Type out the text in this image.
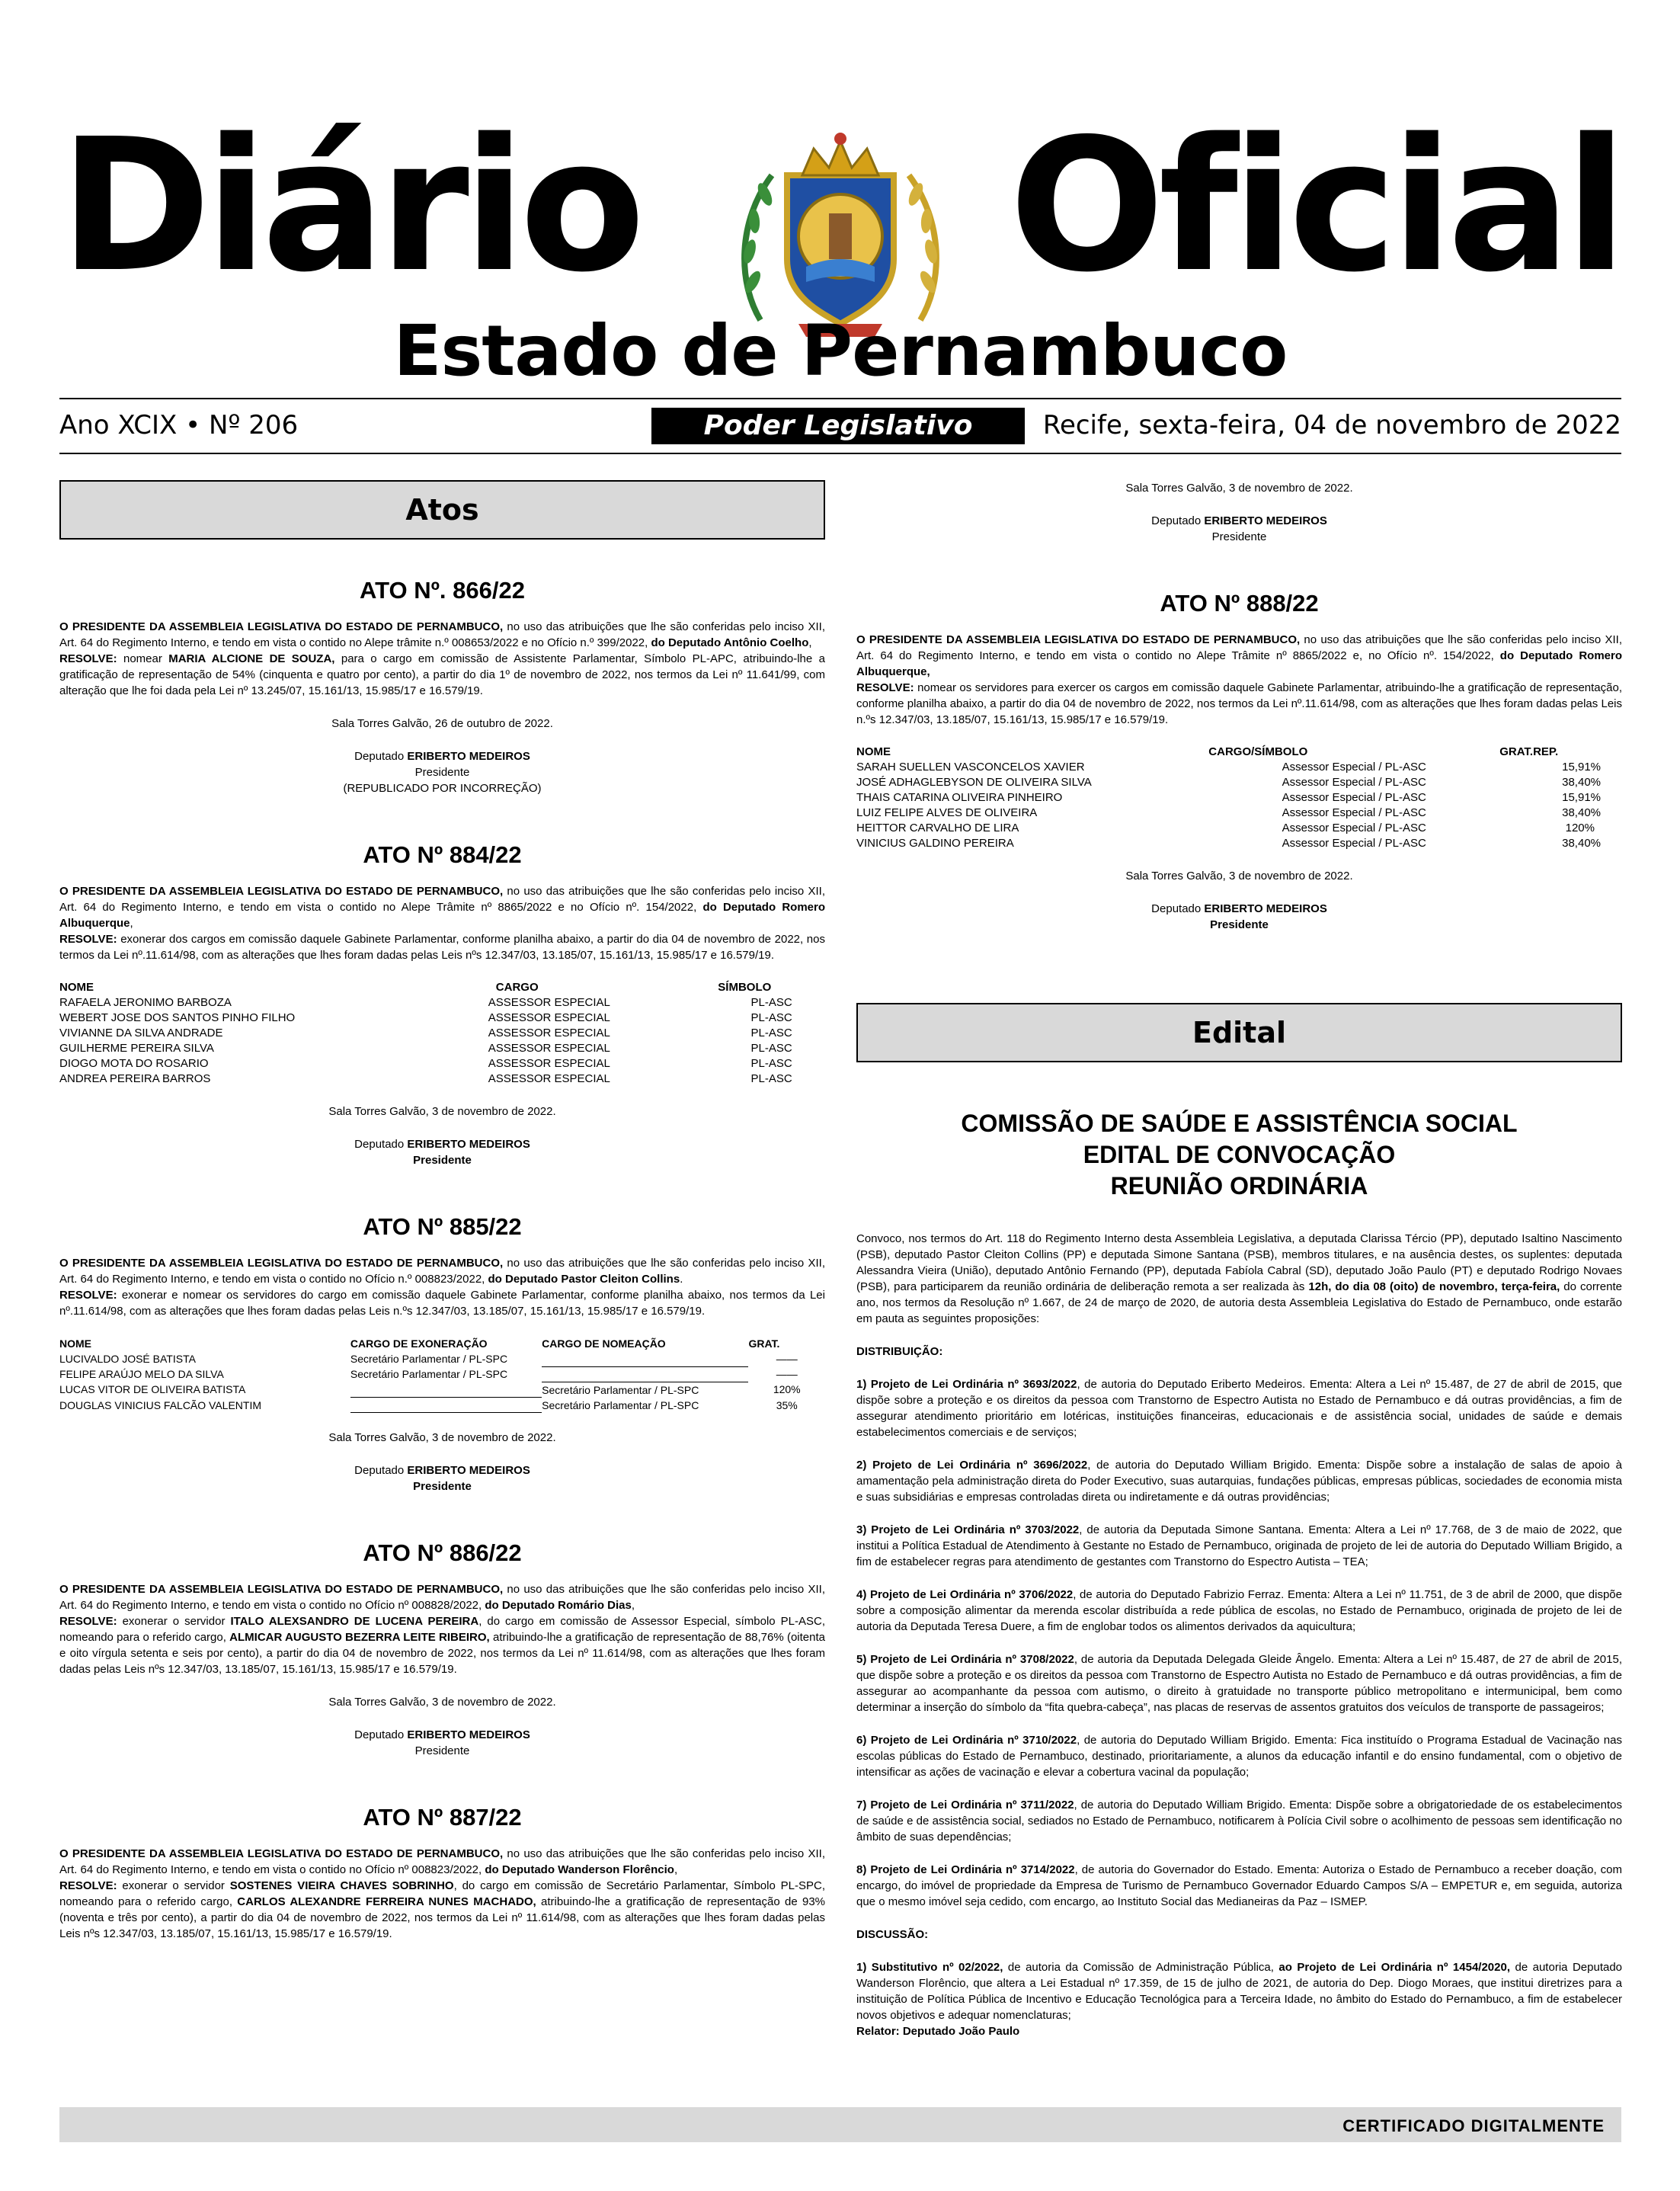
Diário Oficial
Estado de Pernambuco
Ano XCIX • Nº 206	Poder Legislativo	Recife, sexta-feira, 04 de novembro de 2022
Atos
ATO Nº. 866/22
O PRESIDENTE DA ASSEMBLEIA LEGISLATIVA DO ESTADO DE PERNAMBUCO, no uso das atribuições que lhe são conferidas pelo inciso XII, Art. 64 do Regimento Interno, e tendo em vista o contido no Alepe trâmite n.º 008653/2022 e no Ofício n.º 399/2022, do Deputado Antônio Coelho,
RESOLVE: nomear MARIA ALCIONE DE SOUZA, para o cargo em comissão de Assistente Parlamentar, Símbolo PL-APC, atribuindo-lhe a gratificação de representação de 54% (cinquenta e quatro por cento), a partir do dia 1º de novembro de 2022, nos termos da Lei nº 11.641/99, com alteração que lhe foi dada pela Lei nº 13.245/07, 15.161/13, 15.985/17 e 16.579/19.
Sala Torres Galvão, 26 de outubro de 2022.
Deputado ERIBERTO MEDEIROS
Presidente
(REPUBLICADO POR INCORREÇÃO)
ATO Nº 884/22
O PRESIDENTE DA ASSEMBLEIA LEGISLATIVA DO ESTADO DE PERNAMBUCO, no uso das atribuições que lhe são conferidas pelo inciso XII, Art. 64 do Regimento Interno, e tendo em vista o contido no Alepe Trâmite nº 8865/2022 e no Ofício nº. 154/2022, do Deputado Romero Albuquerque,
RESOLVE: exonerar dos cargos em comissão daquele Gabinete Parlamentar, conforme planilha abaixo, a partir do dia 04 de novembro de 2022, nos termos da Lei nº.11.614/98, com as alterações que lhes foram dadas pelas Leis nºs 12.347/03, 13.185/07, 15.161/13, 15.985/17 e 16.579/19.
NOME	CARGO	SÍMBOLO
RAFAELA JERONIMO BARBOZA	ASSESSOR ESPECIAL	PL-ASC
WEBERT JOSE DOS SANTOS PINHO FILHO	ASSESSOR ESPECIAL	PL-ASC
VIVIANNE DA SILVA ANDRADE	ASSESSOR ESPECIAL	PL-ASC
GUILHERME PEREIRA SILVA	ASSESSOR ESPECIAL	PL-ASC
DIOGO MOTA DO ROSARIO	ASSESSOR ESPECIAL	PL-ASC
ANDREA PEREIRA BARROS	ASSESSOR ESPECIAL	PL-ASC
Sala Torres Galvão, 3 de novembro de 2022.
Deputado ERIBERTO MEDEIROS
Presidente
ATO Nº 885/22
O PRESIDENTE DA ASSEMBLEIA LEGISLATIVA DO ESTADO DE PERNAMBUCO, no uso das atribuições que lhe são conferidas pelo inciso XII, Art. 64 do Regimento Interno, e tendo em vista o contido no Ofício n.º 008823/2022, do Deputado Pastor Cleiton Collins.
RESOLVE: exonerar e nomear os servidores do cargo em comissão daquele Gabinete Parlamentar, conforme planilha abaixo, nos termos da Lei nº.11.614/98, com as alterações que lhes foram dadas pelas Leis n.ºs 12.347/03, 13.185/07, 15.161/13, 15.985/17 e 16.579/19.
NOME	CARGO DE EXONERAÇÃO	CARGO DE NOMEAÇÃO	GRAT.
LUCIVALDO JOSÉ BATISTA	Secretário Parlamentar / PL-SPC		——
FELIPE ARAÚJO MELO DA SILVA	Secretário Parlamentar / PL-SPC		——
LUCAS VITOR DE OLIVEIRA BATISTA		Secretário Parlamentar / PL-SPC	120%
DOUGLAS VINICIUS FALCÃO VALENTIM		Secretário Parlamentar / PL-SPC	35%
Sala Torres Galvão, 3 de novembro de 2022.
Deputado ERIBERTO MEDEIROS
Presidente
ATO Nº 886/22
O PRESIDENTE DA ASSEMBLEIA LEGISLATIVA DO ESTADO DE PERNAMBUCO, no uso das atribuições que lhe são conferidas pelo inciso XII, Art. 64 do Regimento Interno, e tendo em vista o contido no Ofício nº 008828/2022, do Deputado Romário Dias,
RESOLVE: exonerar o servidor ITALO ALEXSANDRO DE LUCENA PEREIRA, do cargo em comissão de Assessor Especial, símbolo PL-ASC, nomeando para o referido cargo, ALMICAR AUGUSTO BEZERRA LEITE RIBEIRO, atribuindo-lhe a gratificação de representação de 88,76% (oitenta e oito vírgula setenta e seis por cento), a partir do dia 04 de novembro de 2022, nos termos da Lei nº 11.614/98, com as alterações que lhes foram dadas pelas Leis nºs 12.347/03, 13.185/07, 15.161/13, 15.985/17 e 16.579/19.
Sala Torres Galvão, 3 de novembro de 2022.
Deputado ERIBERTO MEDEIROS
Presidente
ATO Nº 887/22
O PRESIDENTE DA ASSEMBLEIA LEGISLATIVA DO ESTADO DE PERNAMBUCO, no uso das atribuições que lhe são conferidas pelo inciso XII, Art. 64 do Regimento Interno, e tendo em vista o contido no Ofício nº 008823/2022, do Deputado Wanderson Florêncio,
RESOLVE: exonerar o servidor SOSTENES VIEIRA CHAVES SOBRINHO, do cargo em comissão de Secretário Parlamentar, Símbolo PL-SPC, nomeando para o referido cargo, CARLOS ALEXANDRE FERREIRA NUNES MACHADO, atribuindo-lhe a gratificação de representação de 93% (noventa e três por cento), a partir do dia 04 de novembro de 2022, nos termos da Lei nº 11.614/98, com as alterações que lhes foram dadas pelas Leis nºs 12.347/03, 13.185/07, 15.161/13, 15.985/17 e 16.579/19.
Sala Torres Galvão, 3 de novembro de 2022.
Deputado ERIBERTO MEDEIROS
Presidente
ATO Nº 888/22
O PRESIDENTE DA ASSEMBLEIA LEGISLATIVA DO ESTADO DE PERNAMBUCO, no uso das atribuições que lhe são conferidas pelo inciso XII, Art. 64 do Regimento Interno, e tendo em vista o contido no Alepe Trâmite nº 8865/2022 e, no Ofício nº. 154/2022, do Deputado Romero Albuquerque,
RESOLVE: nomear os servidores para exercer os cargos em comissão daquele Gabinete Parlamentar, atribuindo-lhe a gratificação de representação, conforme planilha abaixo, a partir do dia 04 de novembro de 2022, nos termos da Lei nº.11.614/98, com as alterações que lhes foram dadas pelas Leis n.ºs 12.347/03, 13.185/07, 15.161/13, 15.985/17 e 16.579/19.
NOME	CARGO/SÍMBOLO	GRAT.REP.
SARAH SUELLEN VASCONCELOS XAVIER	Assessor Especial / PL-ASC	15,91%
JOSÉ ADHAGLEBYSON DE OLIVEIRA SILVA	Assessor Especial / PL-ASC	38,40%
THAIS CATARINA OLIVEIRA PINHEIRO	Assessor Especial / PL-ASC	15,91%
LUIZ FELIPE ALVES DE OLIVEIRA	Assessor Especial / PL-ASC	38,40%
HEITTOR CARVALHO DE LIRA	Assessor Especial / PL-ASC	120%
VINICIUS GALDINO PEREIRA	Assessor Especial / PL-ASC	38,40%
Sala Torres Galvão, 3 de novembro de 2022.
Deputado ERIBERTO MEDEIROS
Presidente
Edital
COMISSÃO DE SAÚDE E ASSISTÊNCIA SOCIAL
EDITAL DE CONVOCAÇÃO
REUNIÃO ORDINÁRIA
Convoco, nos termos do Art. 118 do Regimento Interno desta Assembleia Legislativa, a deputada Clarissa Tércio (PP), deputado Isaltino Nascimento (PSB), deputado Pastor Cleiton Collins (PP) e deputada Simone Santana (PSB), membros titulares, e na ausência destes, os suplentes: deputada Alessandra Vieira (União), deputado Antônio Fernando (PP), deputada Fabíola Cabral (SD), deputado João Paulo (PT) e deputado Rodrigo Novaes (PSB), para participarem da reunião ordinária de deliberação remota a ser realizada às 12h, do dia 08 (oito) de novembro, terça-feira, do corrente ano, nos termos da Resolução nº 1.667, de 24 de março de 2020, de autoria desta Assembleia Legislativa do Estado de Pernambuco, onde estarão em pauta as seguintes proposições:
DISTRIBUIÇÃO:
1) Projeto de Lei Ordinária nº 3693/2022, de autoria do Deputado Eriberto Medeiros. Ementa: Altera a Lei nº 15.487, de 27 de abril de 2015, que dispõe sobre a proteção e os direitos da pessoa com Transtorno de Espectro Autista no Estado de Pernambuco e dá outras providências, a fim de assegurar atendimento prioritário em lotéricas, instituições financeiras, educacionais e de assistência social, unidades de saúde e demais estabelecimentos comerciais e de serviços;
2) Projeto de Lei Ordinária nº 3696/2022, de autoria do Deputado William Brigido. Ementa: Dispõe sobre a instalação de salas de apoio à amamentação pela administração direta do Poder Executivo, suas autarquias, fundações públicas, empresas públicas, sociedades de economia mista e suas subsidiárias e empresas controladas direta ou indiretamente e dá outras providências;
3) Projeto de Lei Ordinária nº 3703/2022, de autoria da Deputada Simone Santana. Ementa: Altera a Lei nº 17.768, de 3 de maio de 2022, que institui a Política Estadual de Atendimento à Gestante no Estado de Pernambuco, originada de projeto de lei de autoria do Deputado William Brigido, a fim de estabelecer regras para atendimento de gestantes com Transtorno do Espectro Autista – TEA;
4) Projeto de Lei Ordinária nº 3706/2022, de autoria do Deputado Fabrizio Ferraz. Ementa: Altera a Lei nº 11.751, de 3 de abril de 2000, que dispõe sobre a composição alimentar da merenda escolar distribuída a rede pública de escolas, no Estado de Pernambuco, originada de projeto de lei de autoria da Deputada Teresa Duere, a fim de englobar todos os alimentos derivados da aquicultura;
5) Projeto de Lei Ordinária nº 3708/2022, de autoria da Deputada Delegada Gleide Ângelo. Ementa: Altera a Lei nº 15.487, de 27 de abril de 2015, que dispõe sobre a proteção e os direitos da pessoa com Transtorno de Espectro Autista no Estado de Pernambuco e dá outras providências, a fim de assegurar ao acompanhante da pessoa com autismo, o direito à gratuidade no transporte público metropolitano e intermunicipal, bem como determinar a inserção do símbolo da “fita quebra-cabeça”, nas placas de reservas de assentos gratuitos dos veículos de transporte de passageiros;
6) Projeto de Lei Ordinária nº 3710/2022, de autoria do Deputado William Brigido. Ementa: Fica instituído o Programa Estadual de Vacinação nas escolas públicas do Estado de Pernambuco, destinado, prioritariamente, a alunos da educação infantil e do ensino fundamental, com o objetivo de intensificar as ações de vacinação e elevar a cobertura vacinal da população;
7) Projeto de Lei Ordinária nº 3711/2022, de autoria do Deputado William Brigido. Ementa: Dispõe sobre a obrigatoriedade de os estabelecimentos de saúde e de assistência social, sediados no Estado de Pernambuco, notificarem à Polícia Civil sobre o acolhimento de pessoas sem identificação no âmbito de suas dependências;
8) Projeto de Lei Ordinária nº 3714/2022, de autoria do Governador do Estado. Ementa: Autoriza o Estado de Pernambuco a receber doação, com encargo, do imóvel de propriedade da Empresa de Turismo de Pernambuco Governador Eduardo Campos S/A – EMPETUR e, em seguida, autoriza que o mesmo imóvel seja cedido, com encargo, ao Instituto Social das Medianeiras da Paz – ISMEP.
DISCUSSÃO:
1) Substitutivo nº 02/2022, de autoria da Comissão de Administração Pública, ao Projeto de Lei Ordinária nº 1454/2020, de autoria Deputado Wanderson Florêncio, que altera a Lei Estadual nº 17.359, de 15 de julho de 2021, de autoria do Dep. Diogo Moraes, que institui diretrizes para a instituição de Política Pública de Incentivo e Educação Tecnológica para a Terceira Idade, no âmbito do Estado do Pernambuco, a fim de estabelecer novos objetivos e adequar nomenclaturas;
Relator: Deputado João Paulo
CERTIFICADO DIGITALMENTE
